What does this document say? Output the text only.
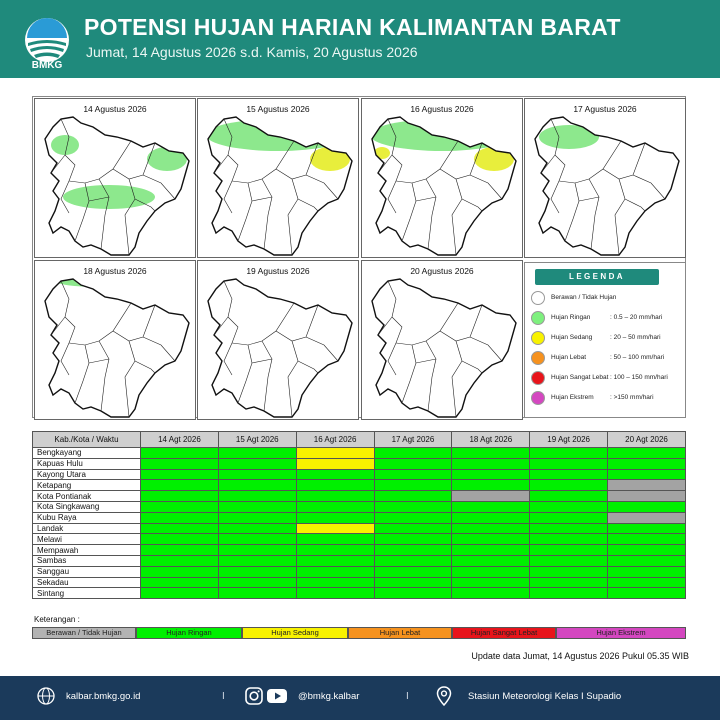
BMKG
POTENSI HUJAN HARIAN KALIMANTAN BARAT
Jumat, 14 Agustus 2026 s.d. Kamis, 20 Agustus 2026
14 Agustus 2026	15 Agustus 2026	16 Agustus 2026	17 Agustus 2026
18 Agustus 2026	19 Agustus 2026	20 Agustus 2026
LEGENDA
Berawan / Tidak Hujan
Hujan Ringan	: 0.5 – 20 mm/hari
Hujan Sedang	: 20 – 50 mm/hari
Hujan Lebat	: 50 – 100 mm/hari
Hujan Sangat Lebat : 100 – 150 mm/hari
Hujan Ekstrem	: >150 mm/hari
Kab./Kota / Waktu	14 Agt 2026	15 Agt 2026	16 Agt 2026	17 Agt 2026	18 Agt 2026	19 Agt 2026	20 Agt 2026
Bengkayang							
Kapuas Hulu							
Kayong Utara							
Ketapang							
Kota Pontianak							
Kota Singkawang							
Kubu Raya							
Landak							
Melawi							
Mempawah							
Sambas							
Sanggau							
Sekadau							
Sintang							
Keterangan :
Berawan / Tidak Hujan	Hujan Ringan	Hujan Sedang	Hujan Lebat	Hujan Sangat Lebat	Hujan Ekstrem
Update data Jumat, 14 Agustus 2026 Pukul 05.35 WIB
kalbar.bmkg.go.id	I	@bmkg.kalbar	I	Stasiun Meteorologi Kelas I Supadio
